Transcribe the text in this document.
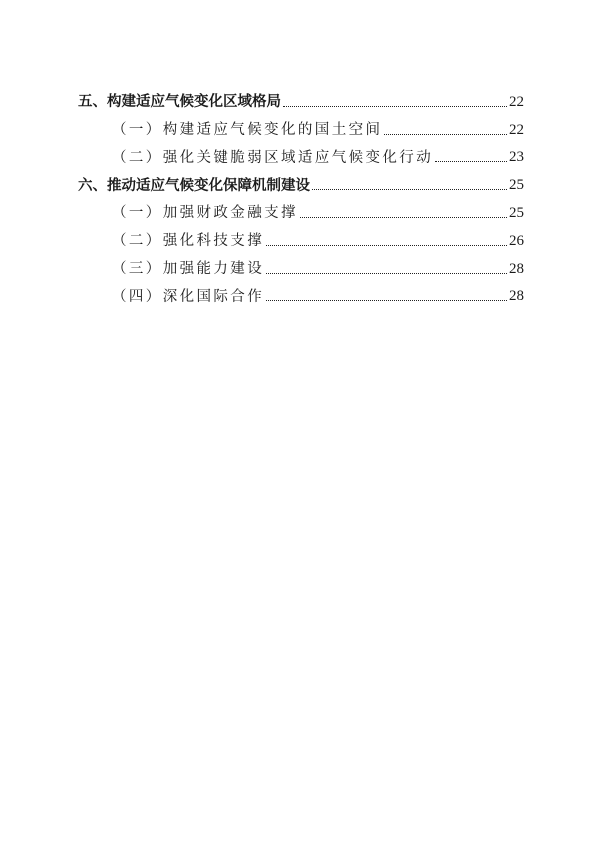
五、构建适应气候变化区域格局	22
（一）构建适应气候变化的国土空间	22
（二）强化关键脆弱区域适应气候变化行动	23
六、推动适应气候变化保障机制建设	25
（一）加强财政金融支撑	25
（二）强化科技支撑	26
（三）加强能力建设	28
（四）深化国际合作	28
